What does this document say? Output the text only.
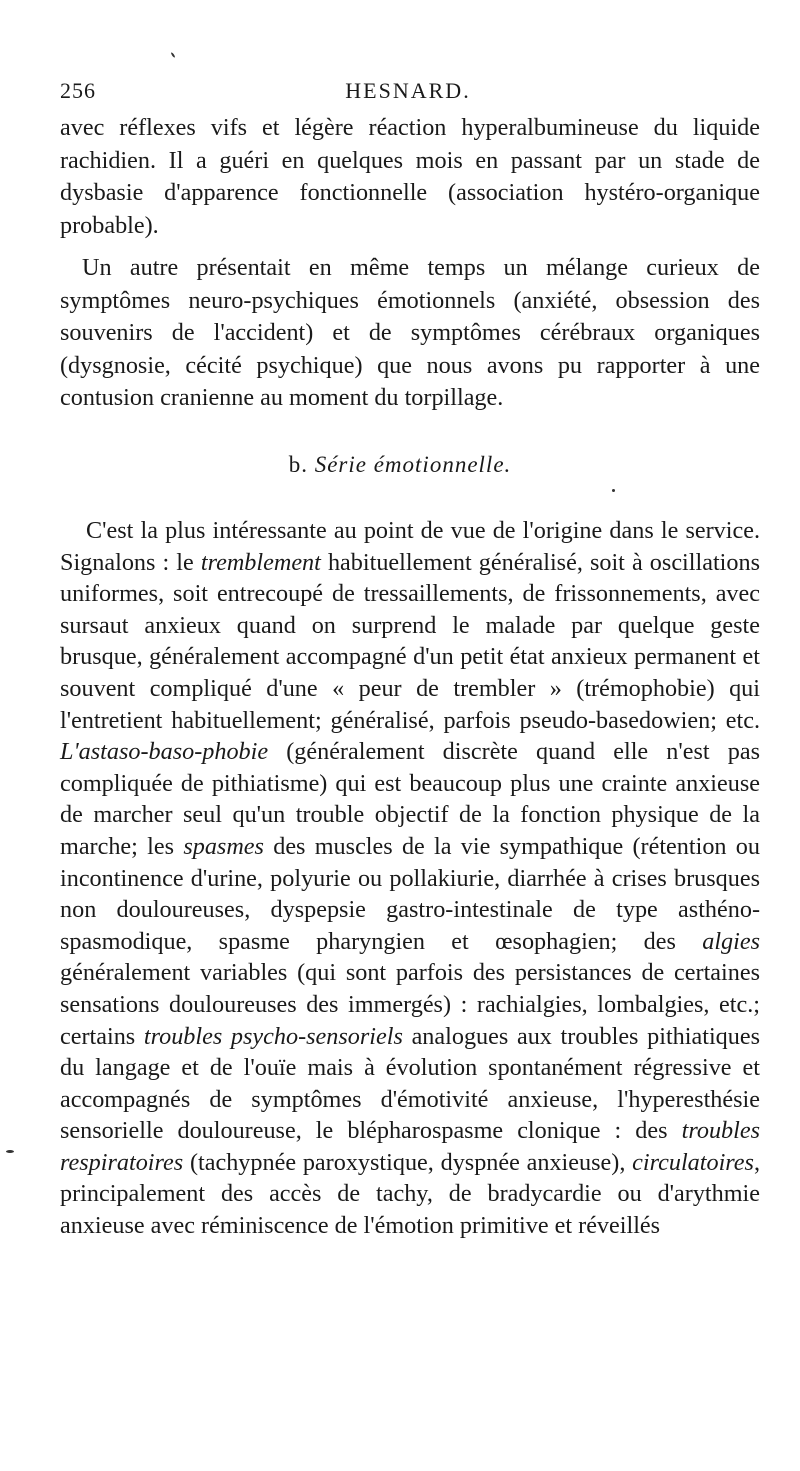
256	HESNARD.

avec réflexes vifs et légère réaction hyperalbumineuse du liquide rachidien. Il a guéri en quelques mois en passant par un stade de dysbasie d'apparence fonctionnelle (association hystéro-organique probable).

Un autre présentait en même temps un mélange curieux de symptômes neuro-psychiques émotionnels (anxiété, obsession des souvenirs de l'accident) et de symptômes cérébraux organiques (dysgnosie, cécité psychique) que nous avons pu rapporter à une contusion cranienne au moment du torpillage.

b. Série émotionnelle.

C'est la plus intéressante au point de vue de l'origine dans le service. Signalons : le tremblement habituellement généralisé, soit à oscillations uniformes, soit entrecoupé de tressaillements, de frissonnements, avec sursaut anxieux quand on surprend le malade par quelque geste brusque, généralement accompagné d'un petit état anxieux permanent et souvent compliqué d'une « peur de trembler » (trémophobie) qui l'entretient habituellement; généralisé, parfois pseudo-basedowien; etc. L'astaso-baso-phobie (généralement discrète quand elle n'est pas compliquée de pithiatisme) qui est beaucoup plus une crainte anxieuse de marcher seul qu'un trouble objectif de la fonction physique de la marche; les spasmes des muscles de la vie sympathique (rétention ou incontinence d'urine, polyurie ou pollakiurie, diarrhée à crises brusques non douloureuses, dyspepsie gastro-intestinale de type asthéno-spasmodique, spasme pharyngien et œsophagien; des algies généralement variables (qui sont parfois des persistances de certaines sensations douloureuses des immergés) : rachialgies, lombalgies, etc.; certains troubles psycho-sensoriels analogues aux troubles pithiatiques du langage et de l'ouïe mais à évolution spontanément régressive et accompagnés de symptômes d'émotivité anxieuse, l'hyperesthésie sensorielle douloureuse, le blépharospasme clonique : des troubles respiratoires (tachypnée paroxystique, dyspnée anxieuse), circulatoires, principalement des accès de tachy, de bradycardie ou d'arythmie anxieuse avec réminiscence de l'émotion primitive et réveillés
